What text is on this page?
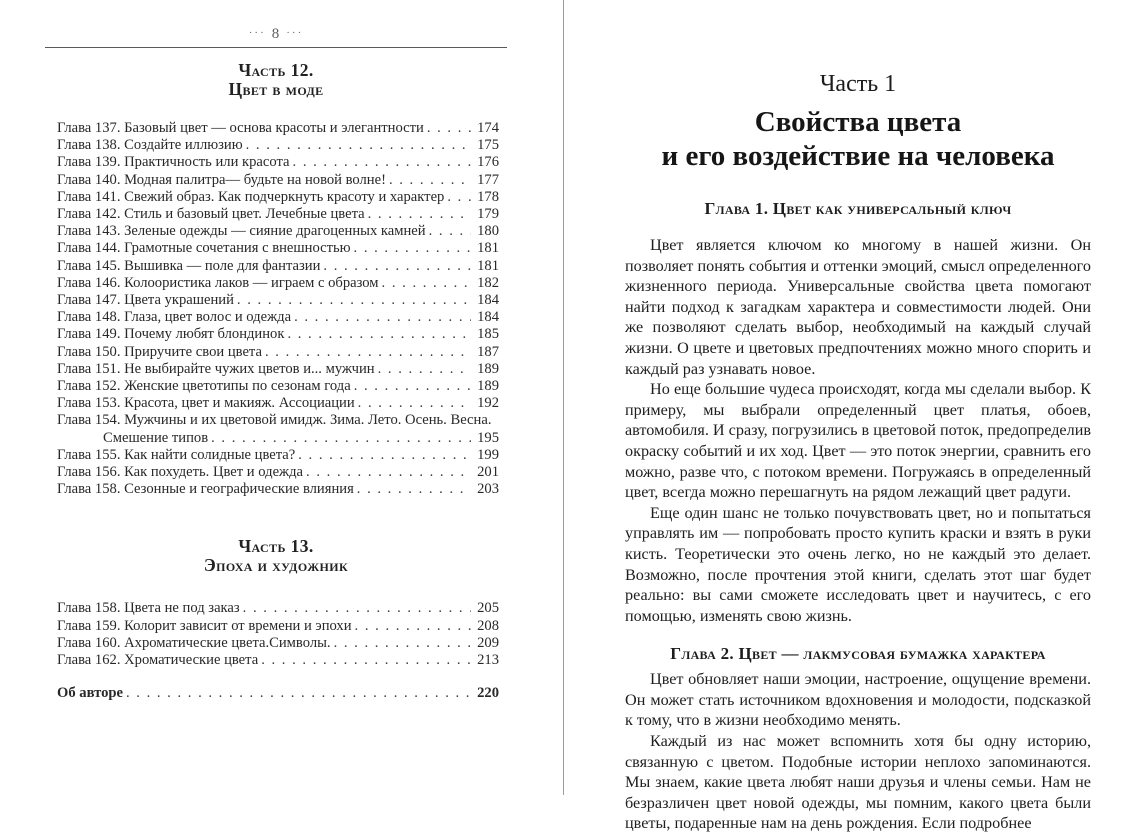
··· 8 ···
Часть 12.
Цвет в моде
Глава 137. Базовый цвет — основа красоты и элегантности . . .	174
Глава 138. Создайте иллюзию . . .	175
Глава 139. Практичность или красота . . .	176
Глава 140. Модная палитра— будьте на новой волне! . . .	177
Глава 141. Свежий образ. Как подчеркнуть красоту и характер . . . 178
Глава 142. Стиль и базовый цвет. Лечебные цвета . . .	179
Глава 143. Зеленые одежды — сияние драгоценных камней . . .	180
Глава 144. Грамотные сочетания с внешностью . . .	181
Глава 145. Вышивка — поле для фантазии . . .	181
Глава 146. Колоористика лаков — играем с образом . . .	182
Глава 147. Цвета украшений . . .	184
Глава 148. Глаза, цвет волос и одежда . . .	184
Глава 149. Почему любят блондинок . . .	185
Глава 150. Приручите свои цвета . . .	187
Глава 151. Не выбирайте чужих цветов и... мужчин . . .	189
Глава 152. Женские цветотипы по сезонам года . . .	189
Глава 153. Красота, цвет и макияж. Ассоциации . . .	192
Глава 154. Мужчины и их цветовой имидж. Зима. Лето. Осень. Весна.
Смешение типов . . .	195
Глава 155. Как найти солидные цвета? . . .	199
Глава 156. Как похудеть. Цвет и одежда . . .	201
Глава 158. Сезонные и географические влияния . . .	203
Часть 13.
Эпоха и художник
Глава 158. Цвета не под заказ . . .	205
Глава 159. Колорит зависит от времени и эпохи . . .	208
Глава 160. Ахроматические цвета.Символы. . . .	209
Глава 162. Хроматические цвета . . .	213
Об авторе . . .	220
Часть 1
Свойства цвета
и его воздействие на человека
Глава 1. Цвет как универсальный ключ

Цвет является ключом ко многому в нашей жизни. Он позволяет понять события и оттенки эмоций, смысл определенного жизненного периода. Универсальные свойства цвета помогают найти подход к загадкам характера и совместимости людей. Они же позволяют сделать выбор, необходимый на каждый случай жизни. О цвете и цветовых предпочтениях можно много спорить и каждый раз узнавать новое.

Но еще большие чудеса происходят, когда мы сделали выбор. К примеру, мы выбрали определенный цвет платья, обоев, автомобиля. И сразу, погрузились в цветовой поток, предопределив окраску событий и их ход. Цвет — это поток энергии, сравнить его можно, разве что, с потоком времени. Погружаясь в определенный цвет, всегда можно перешагнуть на рядом лежащий цвет радуги.

Еще один шанс не только почувствовать цвет, но и попытаться управлять им — попробовать просто купить краски и взять в руки кисть. Теоретически это очень легко, но не каждый это делает. Возможно, после прочтения этой книги, сделать этот шаг будет реально: вы сами сможете исследовать цвет и научитесь, с его помощью, изменять свою жизнь.

Глава 2. Цвет — лакмусовая бумажка характера

Цвет обновляет наши эмоции, настроение, ощущение времени. Он может стать источником вдохновения и молодости, подсказкой к тому, что в жизни необходимо менять.

Каждый из нас может вспомнить хотя бы одну историю, связанную с цветом. Подобные истории неплохо запоминаются. Мы знаем, какие цвета любят наши друзья и члены семьи. Нам не безразличен цвет новой одежды, мы помним, какого цвета были цветы, подаренные нам на день рождения. Если подробнее
